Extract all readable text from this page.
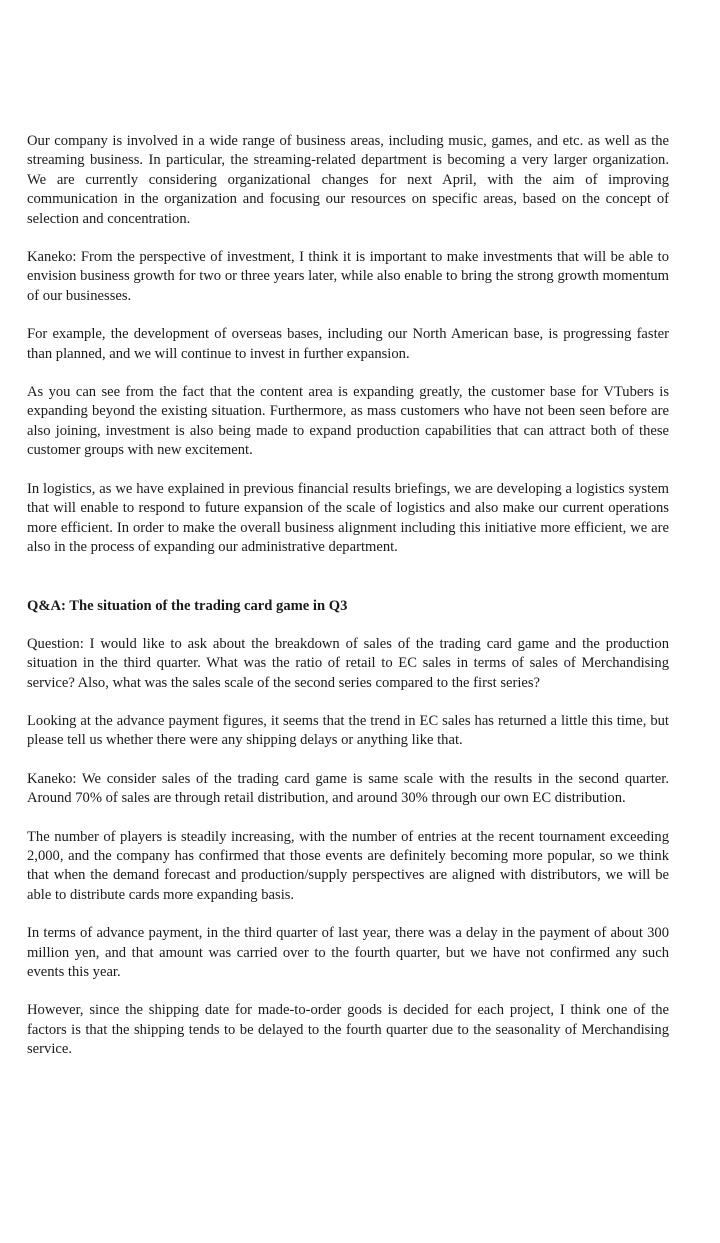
Our company is involved in a wide range of business areas, including music, games, and etc. as well as the streaming business. In particular, the streaming-related department is becoming a very larger organization. We are currently considering organizational changes for next April, with the aim of improving communication in the organization and focusing our resources on specific areas, based on the concept of selection and concentration.

Kaneko: From the perspective of investment, I think it is important to make investments that will be able to envision business growth for two or three years later, while also enable to bring the strong growth momentum of our businesses.

For example, the development of overseas bases, including our North American base, is progressing faster than planned, and we will continue to invest in further expansion.

As you can see from the fact that the content area is expanding greatly, the customer base for VTubers is expanding beyond the existing situation. Furthermore, as mass customers who have not been seen before are also joining, investment is also being made to expand production capabilities that can attract both of these customer groups with new excitement.

In logistics, as we have explained in previous financial results briefings, we are developing a logistics system that will enable to respond to future expansion of the scale of logistics and also make our current operations more efficient. In order to make the overall business alignment including this initiative more efficient, we are also in the process of expanding our administrative department.

Q&A: The situation of the trading card game in Q3

Question: I would like to ask about the breakdown of sales of the trading card game and the production situation in the third quarter. What was the ratio of retail to EC sales in terms of sales of Merchandising service? Also, what was the sales scale of the second series compared to the first series?

Looking at the advance payment figures, it seems that the trend in EC sales has returned a little this time, but please tell us whether there were any shipping delays or anything like that.

Kaneko: We consider sales of the trading card game is same scale with the results in the second quarter. Around 70% of sales are through retail distribution, and around 30% through our own EC distribution.

The number of players is steadily increasing, with the number of entries at the recent tournament exceeding 2,000, and the company has confirmed that those events are definitely becoming more popular, so we think that when the demand forecast and production/supply perspectives are aligned with distributors, we will be able to distribute cards more expanding basis.

In terms of advance payment, in the third quarter of last year, there was a delay in the payment of about 300 million yen, and that amount was carried over to the fourth quarter, but we have not confirmed any such events this year.

However, since the shipping date for made-to-order goods is decided for each project, I think one of the factors is that the shipping tends to be delayed to the fourth quarter due to the seasonality of Merchandising service.
